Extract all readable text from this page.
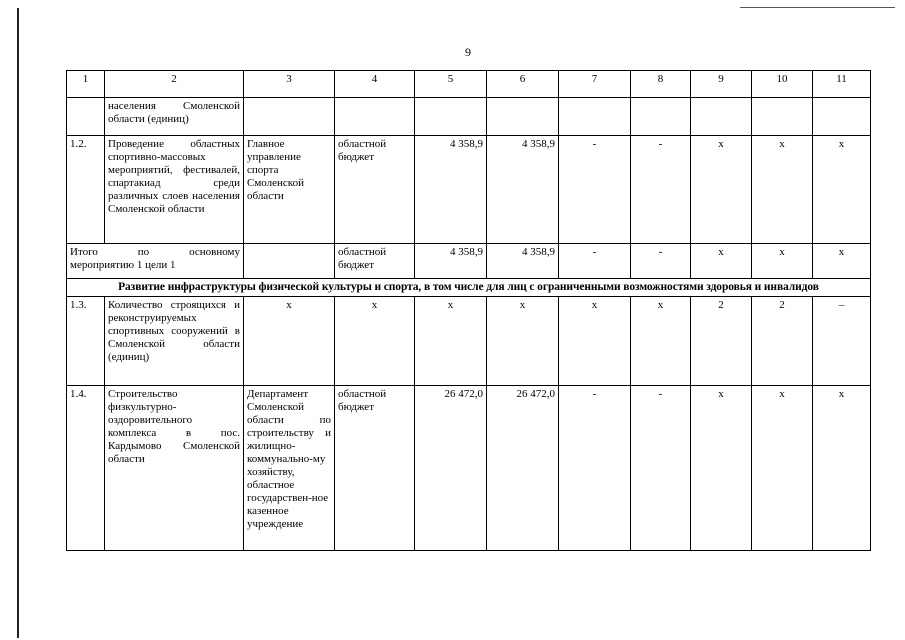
9
1	2	3	4	5	6	7	8	9	10	11
	населения Смоленской области (единиц)									
1.2.	Проведение областных спортивно-массовых мероприятий, фестивалей, спартакиад среди различных слоев населения Смоленской области	Главное управление спорта Смоленской области	областной бюджет	4 358,9	4 358,9	-	-	х	х	х

Итого по основному
мероприятию 1 цели 1			областной бюджет	4 358,9	4 358,9	-	-	х	х	х
Развитие инфраструктуры физической культуры и спорта, в том числе для лиц с ограниченными возможностями здоровья и инвалидов										
1.3.	Количество строящихся и реконструируемых спортивных сооружений в Смоленской области (единиц)	х	х	х	х	х	х	2	2	–
1.4.	Строительство физкультурно-оздоровительного комплекса в пос. Кардымово Смоленской области	Департамент Смоленской области по строительству и жилищно-коммунально-му хозяйству, областное государствен-ное казенное учреждение	областной бюджет	26 472,0	26 472,0	-	-	х	х	х
